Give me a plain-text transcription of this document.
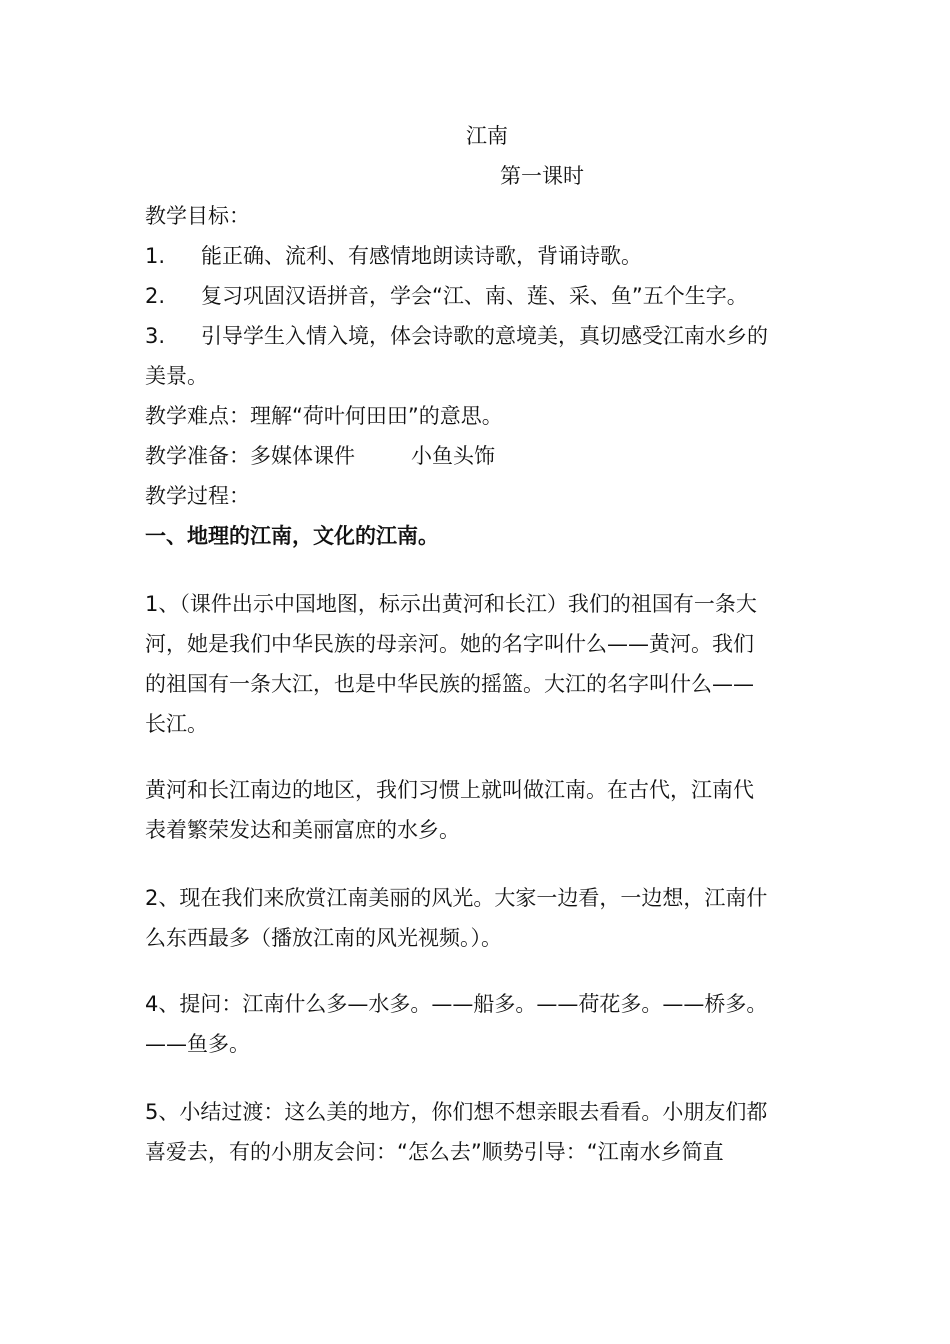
江南
第一课时
教学目标：
1. 能正确、流利、有感情地朗读诗歌，背诵诗歌。
2. 复习巩固汉语拼音，学会“江、南、莲、采、鱼”五个生字。
3. 引导学生入情入境，体会诗歌的意境美，真切感受江南水乡的
美景。
教学难点：理解“荷叶何田田”的意思。
教学准备：多媒体课件	小鱼头饰
教学过程：
一、地理的江南，文化的江南。
1、（课件出示中国地图，标示出黄河和长江）我们的祖国有一条大
河，她是我们中华民族的母亲河。她的名字叫什么——黄河。我们
的祖国有一条大江，也是中华民族的摇篮。大江的名字叫什么——
长江。
黄河和长江南边的地区，我们习惯上就叫做江南。在古代，江南代
表着繁荣发达和美丽富庶的水乡。
2、现在我们来欣赏江南美丽的风光。大家一边看，一边想，江南什
么东西最多（播放江南的风光视频。）。
4、提问：江南什么多—水多。——船多。——荷花多。——桥多。
——鱼多。
5、小结过渡：这么美的地方，你们想不想亲眼去看看。小朋友们都
喜爱去，有的小朋友会问：“怎么去”顺势引导：“江南水乡简直
